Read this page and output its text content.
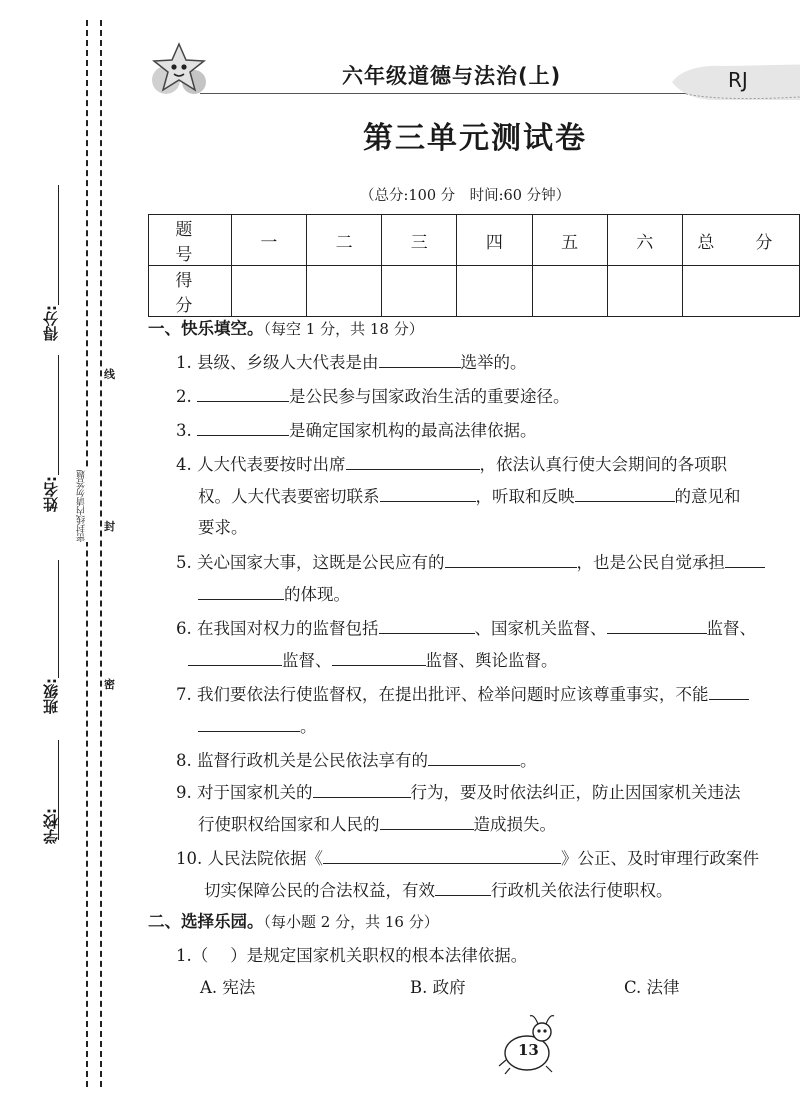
线
封
密
密封线内请勿答题
得分:
姓名:
班级:
学校:
六年级道德与法治(上)	RJ
第三单元测试卷
（总分:100 分　时间:60 分钟）
题　号	一	二	三	四	五	六	总　分
得　分							
一、快乐填空。（每空 1 分，共 18 分）
1. 县级、乡级人大代表是由	选举的。
2.	是公民参与国家政治生活的重要途径。
3.	是确定国家机构的最高法律依据。
4. 人大代表要按时出席	，依法认真行使大会期间的各项职
权。人大代表要密切联系	，听取和反映	的意见和
要求。
5. 关心国家大事，这既是公民应有的	，也是公民自觉承担
的体现。
6. 在我国对权力的监督包括	、国家机关监督、	监督、
监督、	监督、舆论监督。
7. 我们要依法行使监督权，在提出批评、检举问题时应该尊重事实，不能
。
8. 监督行政机关是公民依法享有的	。
9. 对于国家机关的	行为，要及时依法纠正，防止因国家机关违法
行使职权给国家和人民的	造成损失。
10. 人民法院依据《	》公正、及时审理行政案件
切实保障公民的合法权益，有效	行政机关依法行使职权。
二、选择乐园。（每小题 2 分，共 16 分）
1.（ ）是规定国家机关职权的根本法律依据。
A. 宪法	B. 政府	C. 法律
13
